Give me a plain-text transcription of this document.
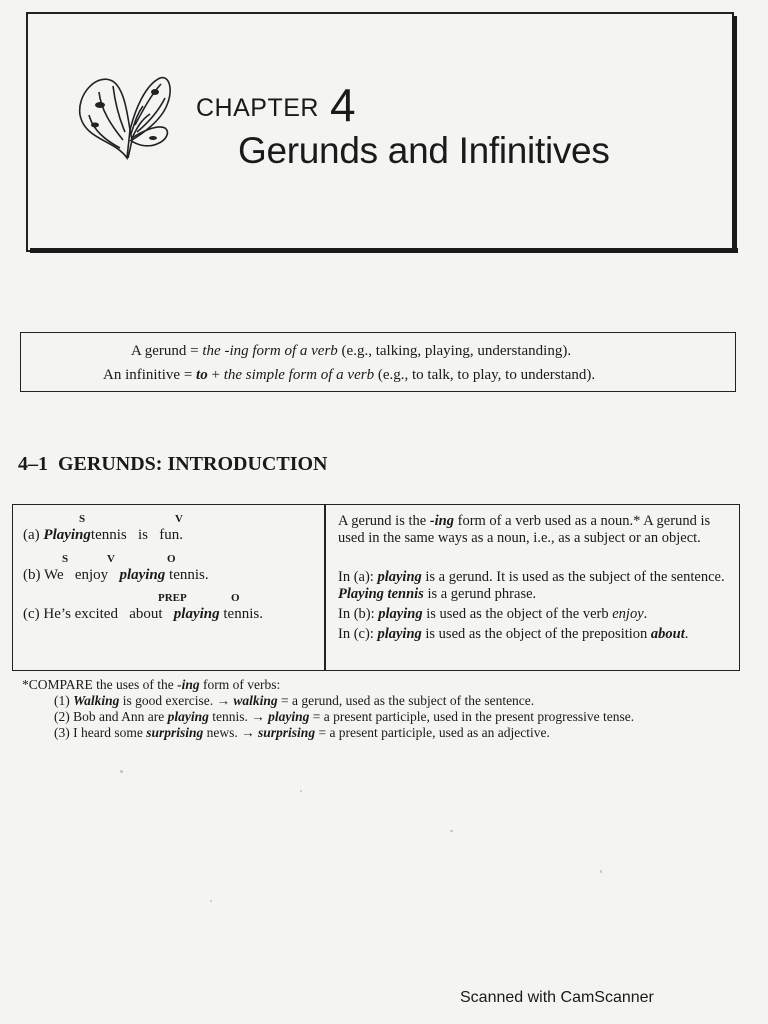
CHAPTER 4
Gerunds and Infinitives
A gerund = the -ing form of a verb (e.g., talking, playing, understanding).
An infinitive = to + the simple form of a verb (e.g., to talk, to play, to understand).
4–1 GERUNDS: INTRODUCTION
S	V
(a) Playingtennis is fun.
S	V	O
(b) We enjoy playing tennis.
PREP	O
(c) He’s excited about playing tennis.
A gerund is the -ing form of a verb used as a noun.* A gerund is used in the same ways as a noun, i.e., as a subject or an object.
In (a): playing is a gerund. It is used as the subject of the sentence. Playing tennis is a gerund phrase.
In (b): playing is used as the object of the verb enjoy.
In (c): playing is used as the object of the preposition about.
*COMPARE the uses of the -ing form of verbs:
(1) Walking is good exercise. → walking = a gerund, used as the subject of the sentence.
(2) Bob and Ann are playing tennis. → playing = a present participle, used in the present progressive tense.
(3) I heard some surprising news. → surprising = a present participle, used as an adjective.
Scanned with CamScanner
